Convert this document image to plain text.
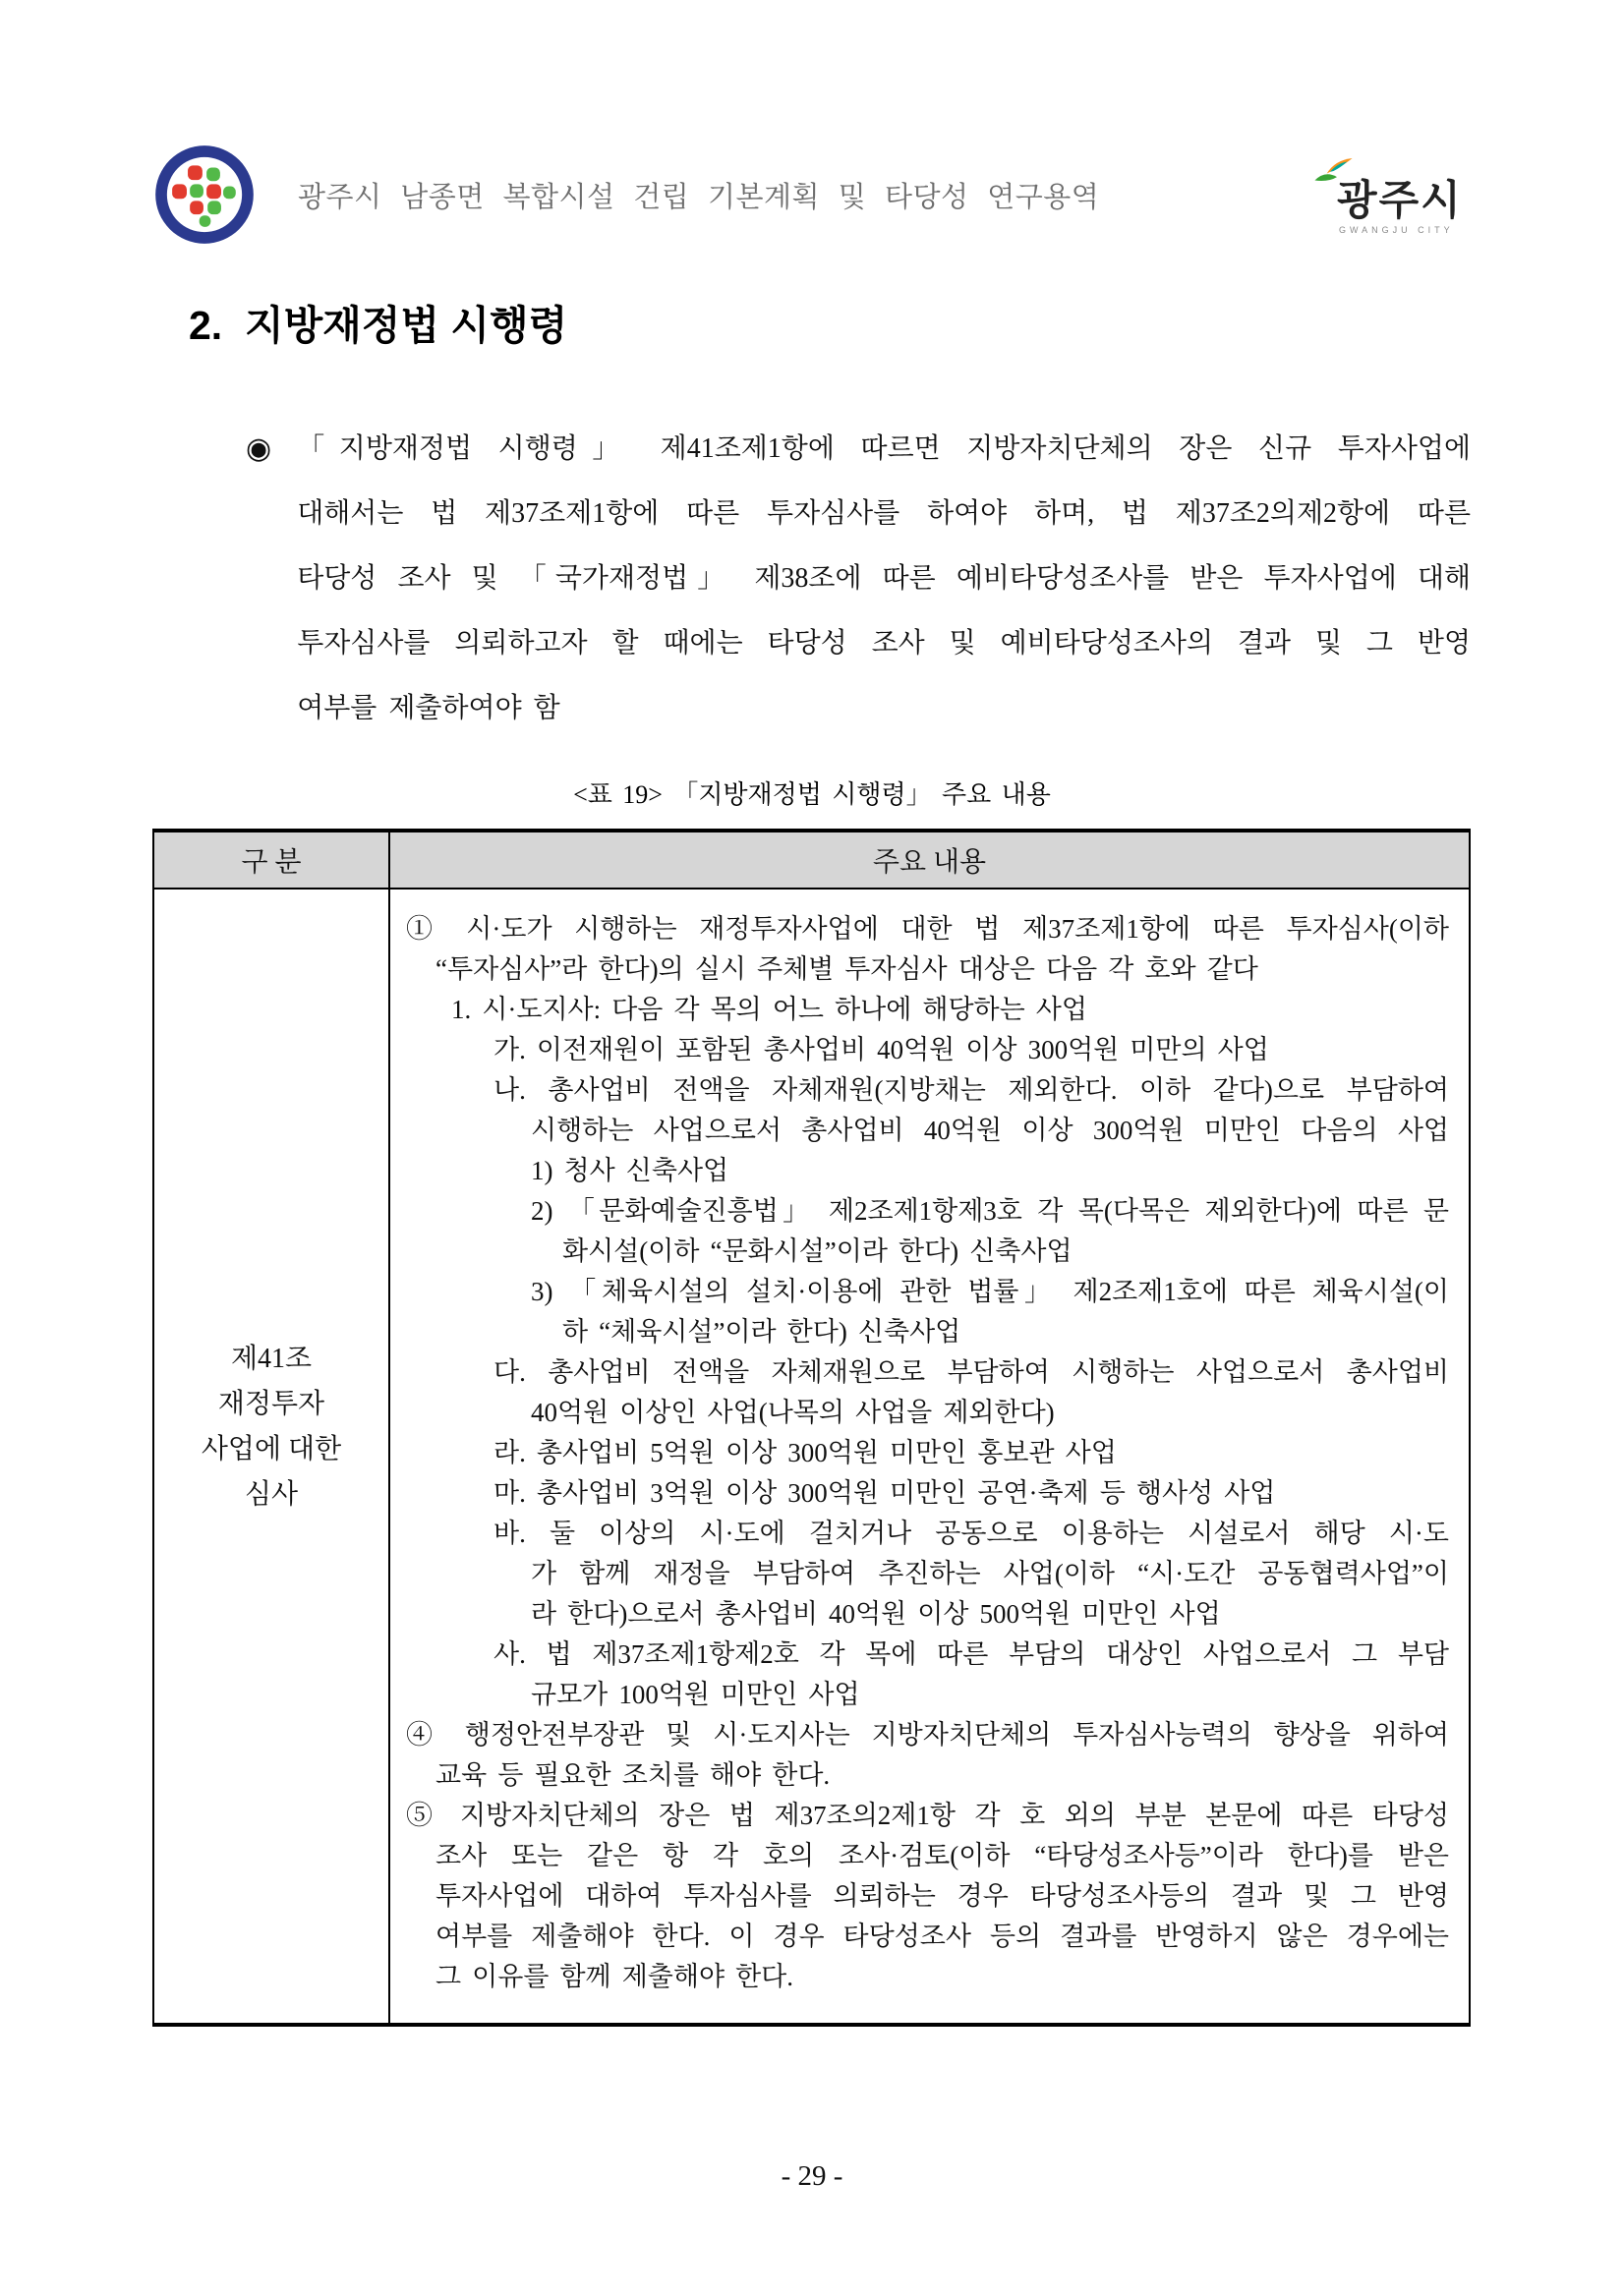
광주시 남종면 복합시설 건립 기본계획 및 타당성 연구용역	광주시
GWANGJU CITY
2.  지방재정법 시행령
◉ 「지방재정법 시행령」 제41조제1항에 따르면 지방자치단체의 장은 신규 투자사업에
대해서는 법 제37조제1항에 따른 투자심사를 하여야 하며, 법 제37조2의제2항에 따른
타당성 조사 및 「국가재정법」 제38조에 따른 예비타당성조사를 받은 투자사업에 대해
투자심사를 의뢰하고자 할 때에는 타당성 조사 및 예비타당성조사의 결과 및 그 반영
여부를 제출하여야 함
<표 19> 「지방재정법 시행령」 주요 내용
구 분	주요 내용
제41조
재정투자
사업에 대한
심사
① 시·도가 시행하는 재정투자사업에 대한 법 제37조제1항에 따른 투자심사(이하
“투자심사”라 한다)의 실시 주체별 투자심사 대상은 다음 각 호와 같다
1. 시·도지사: 다음 각 목의 어느 하나에 해당하는 사업
가. 이전재원이 포함된 총사업비 40억원 이상 300억원 미만의 사업
나. 총사업비 전액을 자체재원(지방채는 제외한다. 이하 같다)으로 부담하여
시행하는 사업으로서 총사업비 40억원 이상 300억원 미만인 다음의 사업
1) 청사 신축사업
2) 「문화예술진흥법」 제2조제1항제3호 각 목(다목은 제외한다)에 따른 문
화시설(이하 “문화시설”이라 한다) 신축사업
3) 「체육시설의 설치·이용에 관한 법률」 제2조제1호에 따른 체육시설(이
하 “체육시설”이라 한다) 신축사업
다. 총사업비 전액을 자체재원으로 부담하여 시행하는 사업으로서 총사업비
40억원 이상인 사업(나목의 사업을 제외한다)
라. 총사업비 5억원 이상 300억원 미만인 홍보관 사업
마. 총사업비 3억원 이상 300억원 미만인 공연·축제 등 행사성 사업
바. 둘 이상의 시·도에 걸치거나 공동으로 이용하는 시설로서 해당 시·도
가 함께 재정을 부담하여 추진하는 사업(이하 “시·도간 공동협력사업”이
라 한다)으로서 총사업비 40억원 이상 500억원 미만인 사업
사. 법 제37조제1항제2호 각 목에 따른 부담의 대상인 사업으로서 그 부담
규모가 100억원 미만인 사업
④ 행정안전부장관 및 시·도지사는 지방자치단체의 투자심사능력의 향상을 위하여
교육 등 필요한 조치를 해야 한다.
⑤ 지방자치단체의 장은 법 제37조의2제1항 각 호 외의 부분 본문에 따른 타당성
조사 또는 같은 항 각 호의 조사·검토(이하 “타당성조사등”이라 한다)를 받은
투자사업에 대하여 투자심사를 의뢰하는 경우 타당성조사등의 결과 및 그 반영
여부를 제출해야 한다. 이 경우 타당성조사 등의 결과를 반영하지 않은 경우에는
그 이유를 함께 제출해야 한다.
- 29 -
